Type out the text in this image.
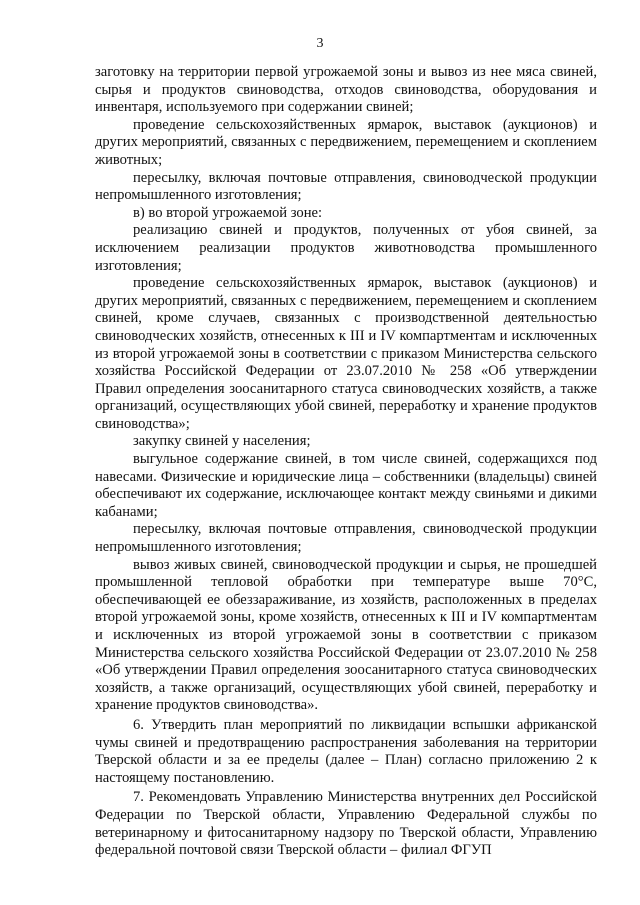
3

заготовку на территории первой угрожаемой зоны и вывоз из нее мяса свиней, сырья и продуктов свиноводства, отходов свиноводства, оборудования и инвентаря, используемого при содержании свиней;

проведение сельскохозяйственных ярмарок, выставок (аукционов) и других мероприятий, связанных с передвижением, перемещением и скоплением животных;

пересылку, включая почтовые отправления, свиноводческой продукции непромышленного изготовления;

в) во второй угрожаемой зоне:

реализацию свиней и продуктов, полученных от убоя свиней, за исключением реализации продуктов животноводства промышленного изготовления;

проведение сельскохозяйственных ярмарок, выставок (аукционов) и других мероприятий, связанных с передвижением, перемещением и скоплением свиней, кроме случаев, связанных с производственной деятельностью свиноводческих хозяйств, отнесенных к III и IV компартментам и исключенных из второй угрожаемой зоны в соответствии с приказом Министерства сельского хозяйства Российской Федерации от 23.07.2010 № 258 «Об утверждении Правил определения зоосанитарного статуса свиноводческих хозяйств, а также организаций, осуществляющих убой свиней, переработку и хранение продуктов свиноводства»;

закупку свиней у населения;

выгульное содержание свиней, в том числе свиней, содержащихся под навесами. Физические и юридические лица – собственники (владельцы) свиней обеспечивают их содержание, исключающее контакт между свиньями и дикими кабанами;

пересылку, включая почтовые отправления, свиноводческой продукции непромышленного изготовления;

вывоз живых свиней, свиноводческой продукции и сырья, не прошедшей промышленной тепловой обработки при температуре выше 70°С, обеспечивающей ее обеззараживание, из хозяйств, расположенных в пределах второй угрожаемой зоны, кроме хозяйств, отнесенных к III и IV компартментам и исключенных из второй угрожаемой зоны в соответствии с приказом Министерства сельского хозяйства Российской Федерации от 23.07.2010 № 258 «Об утверждении Правил определения зоосанитарного статуса свиноводческих хозяйств, а также организаций, осуществляющих убой свиней, переработку и хранение продуктов свиноводства».

6. Утвердить план мероприятий по ликвидации вспышки африканской чумы свиней и предотвращению распространения заболевания на территории Тверской области и за ее пределы (далее – План) согласно приложению 2 к настоящему постановлению.

7. Рекомендовать Управлению Министерства внутренних дел Российской Федерации по Тверской области, Управлению Федеральной службы по ветеринарному и фитосанитарному надзору по Тверской области, Управлению федеральной почтовой связи Тверской области – филиал ФГУП
